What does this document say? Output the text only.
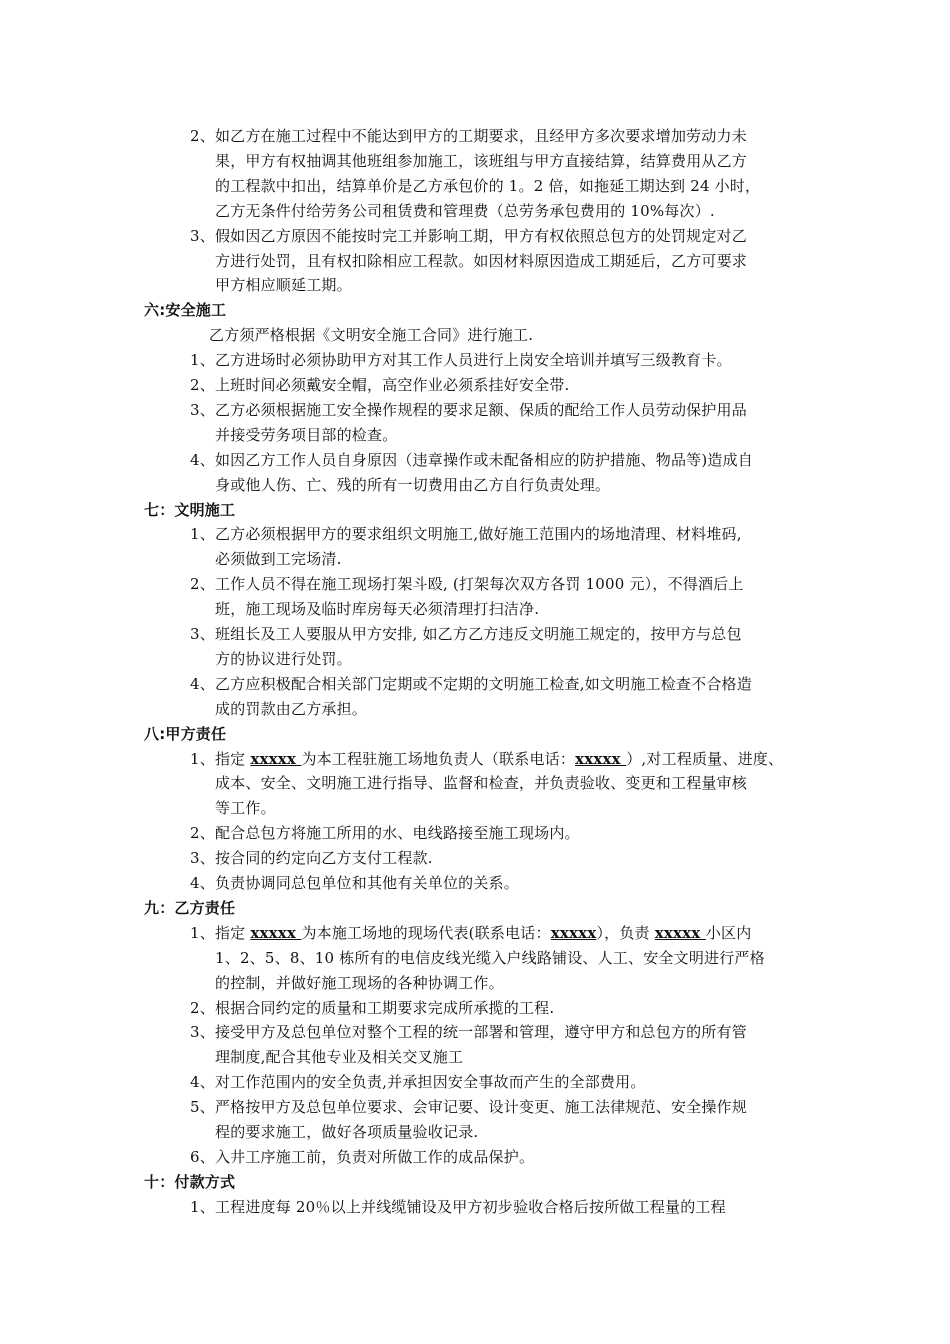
2、如乙方在施工过程中不能达到甲方的工期要求，且经甲方多次要求增加劳动力未
果，甲方有权抽调其他班组参加施工，该班组与甲方直接结算，结算费用从乙方
的工程款中扣出，结算单价是乙方承包价的 1。2 倍，如拖延工期达到 24 小时，
乙方无条件付给劳务公司租赁费和管理费（总劳务承包费用的 10%每次）.
3、假如因乙方原因不能按时完工并影响工期，甲方有权依照总包方的处罚规定对乙
方进行处罚，且有权扣除相应工程款。如因材料原因造成工期延后，乙方可要求
甲方相应顺延工期。
六:安全施工
乙方须严格根据《文明安全施工合同》进行施工.
1、乙方进场时必须协助甲方对其工作人员进行上岗安全培训并填写三级教育卡。
2、上班时间必须戴安全帽，高空作业必须系挂好安全带.
3、乙方必须根据施工安全操作规程的要求足额、保质的配给工作人员劳动保护用品
并接受劳务项目部的检查。
4、如因乙方工作人员自身原因（违章操作或未配备相应的防护措施、物品等)造成自
身或他人伤、亡、残的所有一切费用由乙方自行负责处理。
七：文明施工
1、乙方必须根据甲方的要求组织文明施工,做好施工范围内的场地清理、材料堆码,
必须做到工完场清.
2、工作人员不得在施工现场打架斗殴, (打架每次双方各罚 1000 元），不得酒后上
班，施工现场及临时库房每天必须清理打扫洁净.
3、班组长及工人要服从甲方安排, 如乙方乙方违反文明施工规定的，按甲方与总包
方的协议进行处罚。
4、乙方应积极配合相关部门定期或不定期的文明施工检查,如文明施工检查不合格造
成的罚款由乙方承担。
八:甲方责任
1、指定 xxxxx 为本工程驻施工场地负责人（联系电话：xxxxx ）,对工程质量、进度、
成本、安全、文明施工进行指导、监督和检查，并负责验收、变更和工程量审核
等工作。
2、配合总包方将施工所用的水、电线路接至施工现场内。
3、按合同的约定向乙方支付工程款.
4、负责协调同总包单位和其他有关单位的关系。
九：乙方责任
1、指定 xxxxx 为本施工场地的现场代表(联系电话：xxxxx），负责 xxxxx 小区内
1、2、5、8、10 栋所有的电信皮线光缆入户线路铺设、人工、安全文明进行严格
的控制，并做好施工现场的各种协调工作。
2、根据合同约定的质量和工期要求完成所承揽的工程.
3、接受甲方及总包单位对整个工程的统一部署和管理，遵守甲方和总包方的所有管
理制度,配合其他专业及相关交叉施工
4、对工作范围内的安全负责,并承担因安全事故而产生的全部费用。
5、严格按甲方及总包单位要求、会审记要、设计变更、施工法律规范、安全操作规
程的要求施工，做好各项质量验收记录.
6、入井工序施工前，负责对所做工作的成品保护。
十：付款方式
1、工程进度每 20％以上并线缆铺设及甲方初步验收合格后按所做工程量的工程
